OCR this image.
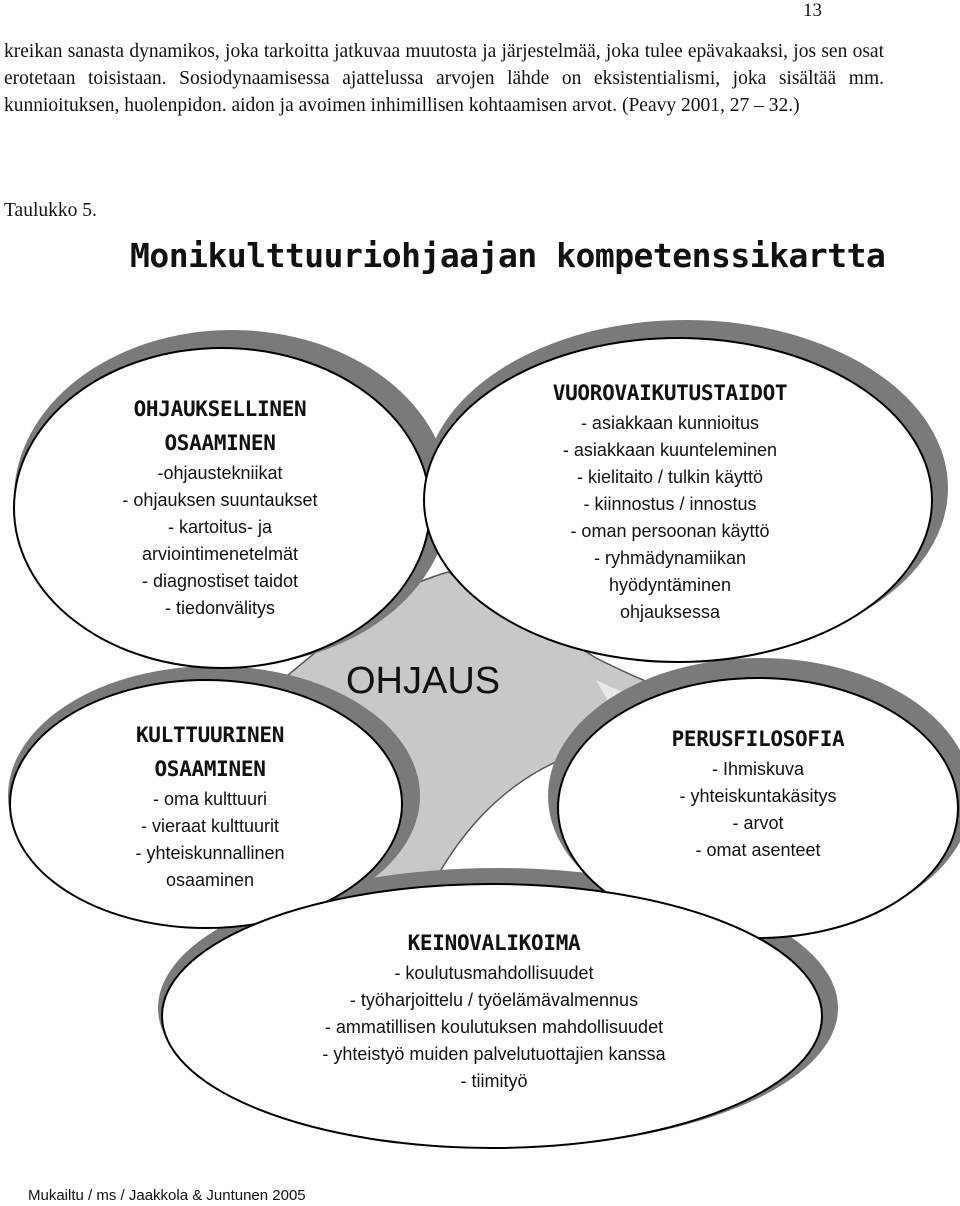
13

kreikan sanasta dynamikos, joka tarkoitta jatkuvaa muutosta ja järjestelmää, joka tulee epävakaaksi, jos sen osat erotetaan toisistaan. Sosiodynaamisessa ajattelussa arvojen lähde on eksistentialismi, joka sisältää mm. kunnioituksen, huolenpidon. aidon ja avoimen inhimillisen kohtaamisen arvot. (Peavy 2001, 27 – 32.)

Taulukko 5.

Monikulttuuriohjaajan kompetenssikartta

OHJAUS

OHJAUKSELLINEN
OSAAMINEN
-ohjaustekniikat
- ohjauksen suuntaukset
- kartoitus- ja
arviointimenetelmät
- diagnostiset taidot
- tiedonvälitys
VUOROVAIKUTUSTAIDOT
- asiakkaan kunnioitus
- asiakkaan kuunteleminen
- kielitaito / tulkin käyttö
- kiinnostus / innostus
- oman persoonan käyttö
- ryhmädynamiikan
hyödyntäminen
ohjauksessa
KULTTUURINEN
OSAAMINEN
- oma kulttuuri
- vieraat kulttuurit
- yhteiskunnallinen
osaaminen
PERUSFILOSOFIA
- Ihmiskuva
- yhteiskuntakäsitys
- arvot
- omat asenteet
KEINOVALIKOIMA
- koulutusmahdollisuudet
- työharjoittelu / työelämävalmennus
- ammatillisen koulutuksen mahdollisuudet
- yhteistyö muiden palvelutuottajien kanssa
- tiimityö

Mukailtu / ms / Jaakkola & Juntunen 2005
